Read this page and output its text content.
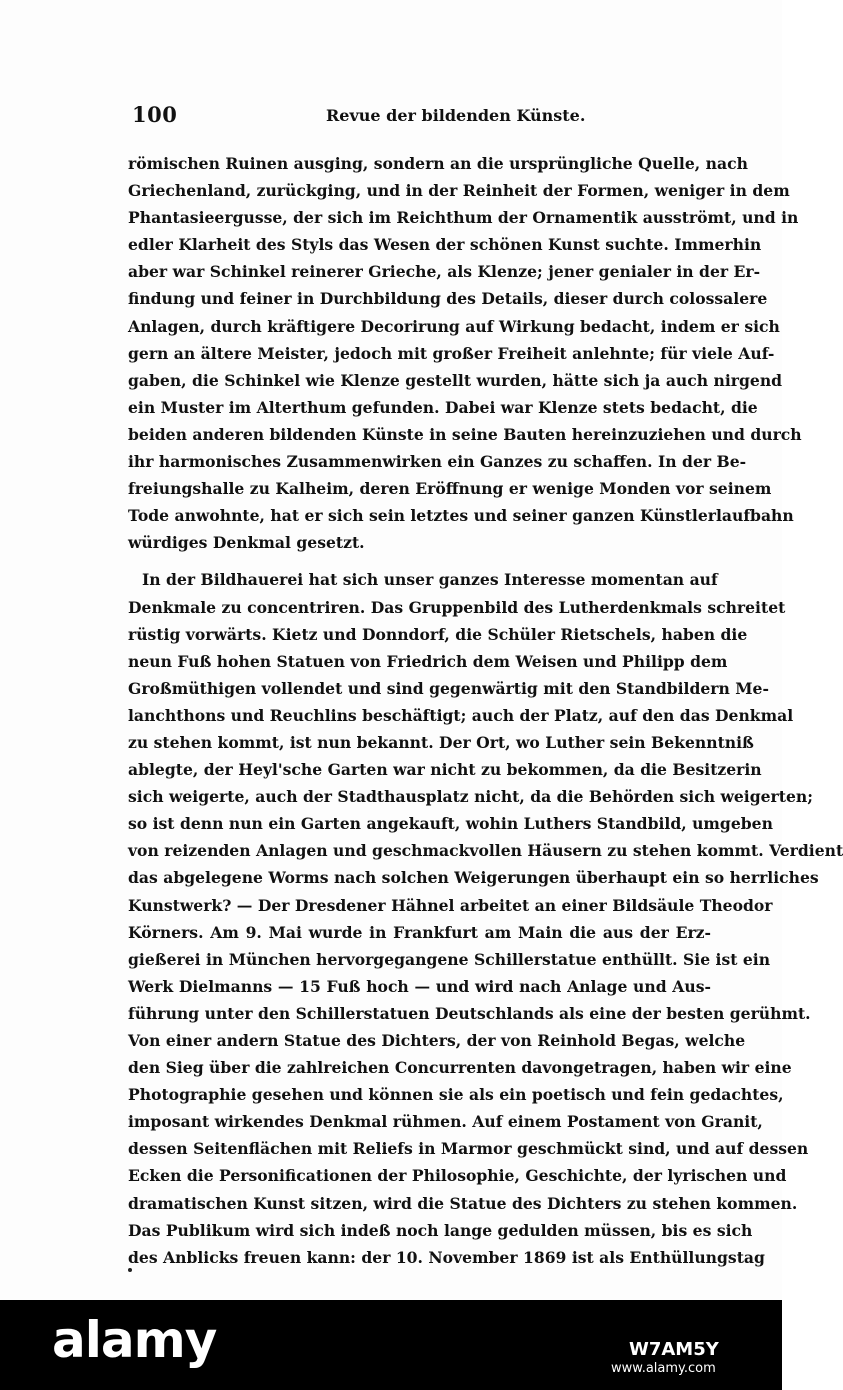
100	Revue der bildenden Künste.
römischen Ruinen ausging, sondern an die ursprüngliche Quelle, nach
Griechenland, zurückging, und in der Reinheit der Formen, weniger in dem
Phantasieergusse, der sich im Reichthum der Ornamentik ausströmt, und in
edler Klarheit des Styls das Wesen der schönen Kunst suchte. Immerhin
aber war Schinkel reinerer Grieche, als Klenze; jener genialer in der Er-
findung und feiner in Durchbildung des Details, dieser durch colossalere
Anlagen, durch kräftigere Decorirung auf Wirkung bedacht, indem er sich
gern an ältere Meister, jedoch mit großer Freiheit anlehnte; für viele Auf-
gaben, die Schinkel wie Klenze gestellt wurden, hätte sich ja auch nirgend
ein Muster im Alterthum gefunden. Dabei war Klenze stets bedacht, die
beiden anderen bildenden Künste in seine Bauten hereinzuziehen und durch
ihr harmonisches Zusammenwirken ein Ganzes zu schaffen. In der Be-
freiungshalle zu Kalheim, deren Eröffnung er wenige Monden vor seinem
Tode anwohnte, hat er sich sein letztes und seiner ganzen Künstlerlaufbahn
würdiges Denkmal gesetzt.
In der Bildhauerei hat sich unser ganzes Interesse momentan auf
Denkmale zu concentriren. Das Gruppenbild des Lutherdenkmals schreitet
rüstig vorwärts. Kietz und Donndorf, die Schüler Rietschels, haben die
neun Fuß hohen Statuen von Friedrich dem Weisen und Philipp dem
Großmüthigen vollendet und sind gegenwärtig mit den Standbildern Me-
lanchthons und Reuchlins beschäftigt; auch der Platz, auf den das Denkmal
zu stehen kommt, ist nun bekannt. Der Ort, wo Luther sein Bekenntniß
ablegte, der Heyl'sche Garten war nicht zu bekommen, da die Besitzerin
sich weigerte, auch der Stadthausplatz nicht, da die Behörden sich weigerten;
so ist denn nun ein Garten angekauft, wohin Luthers Standbild, umgeben
von reizenden Anlagen und geschmackvollen Häusern zu stehen kommt. Verdient
das abgelegene Worms nach solchen Weigerungen überhaupt ein so herrliches
Kunstwerk? — Der Dresdener Hähnel arbeitet an einer Bildsäule Theodor
Körners. Am 9. Mai wurde in Frankfurt am Main die aus der Erz-
gießerei in München hervorgegangene Schillerstatue enthüllt. Sie ist ein
Werk Dielmanns — 15 Fuß hoch — und wird nach Anlage und Aus-
führung unter den Schillerstatuen Deutschlands als eine der besten gerühmt.
Von einer andern Statue des Dichters, der von Reinhold Begas, welche
den Sieg über die zahlreichen Concurrenten davongetragen, haben wir eine
Photographie gesehen und können sie als ein poetisch und fein gedachtes,
imposant wirkendes Denkmal rühmen. Auf einem Postament von Granit,
dessen Seitenflächen mit Reliefs in Marmor geschmückt sind, und auf dessen
Ecken die Personificationen der Philosophie, Geschichte, der lyrischen und
dramatischen Kunst sitzen, wird die Statue des Dichters zu stehen kommen.
Das Publikum wird sich indeß noch lange gedulden müssen, bis es sich
des Anblicks freuen kann: der 10. November 1869 ist als Enthüllungstag
alamy	W7AM5Y
www.alamy.com
